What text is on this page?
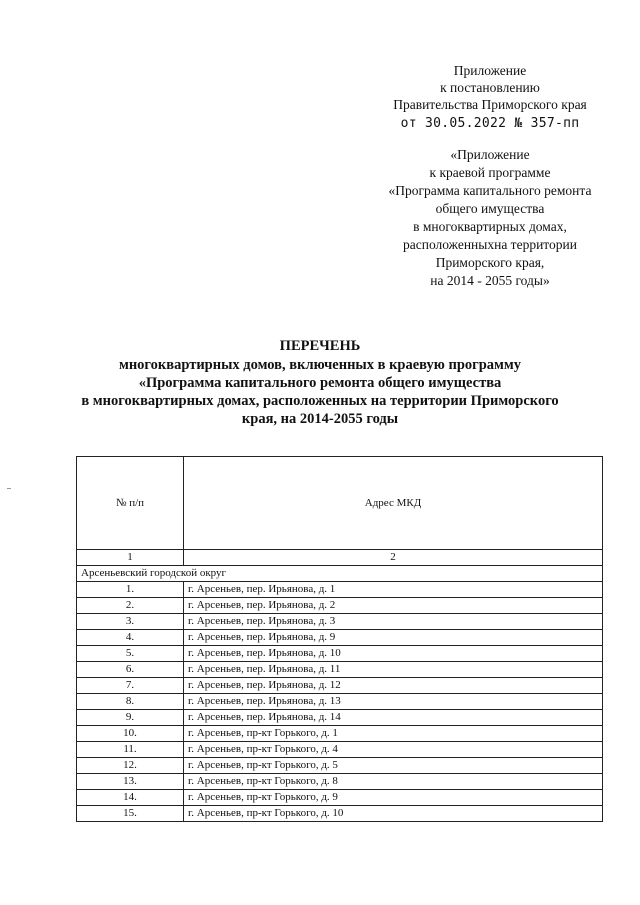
Приложение
к постановлению
Правительства Приморского края
от 30.05.2022 № 357-пп
«Приложение
к краевой программе
«Программа капитального ремонта
общего имущества
в многоквартирных домах,
расположенныхна территории
Приморского края,
на 2014 - 2055 годы»
ПЕРЕЧЕНЬ
многоквартирных домов, включенных в краевую программу
«Программа капитального ремонта общего имущества
в многоквартирных домах, расположенных на территории Приморского
края, на 2014-2055 годы
№ п/п	Адрес МКД
1	2
Арсеньевский городской округ	
1.	г. Арсеньев, пер. Ирьянова, д. 1
2.	г. Арсеньев, пер. Ирьянова, д. 2
3.	г. Арсеньев, пер. Ирьянова, д. 3
4.	г. Арсеньев, пер. Ирьянова, д. 9
5.	г. Арсеньев, пер. Ирьянова, д. 10
6.	г. Арсеньев, пер. Ирьянова, д. 11
7.	г. Арсеньев, пер. Ирьянова, д. 12
8.	г. Арсеньев, пер. Ирьянова, д. 13
9.	г. Арсеньев, пер. Ирьянова, д. 14
10.	г. Арсеньев, пр-кт Горького, д. 1
11.	г. Арсеньев, пр-кт Горького, д. 4
12.	г. Арсеньев, пр-кт Горького, д. 5
13.	г. Арсеньев, пр-кт Горького, д. 8
14.	г. Арсеньев, пр-кт Горького, д. 9
15.	г. Арсеньев, пр-кт Горького, д. 10
